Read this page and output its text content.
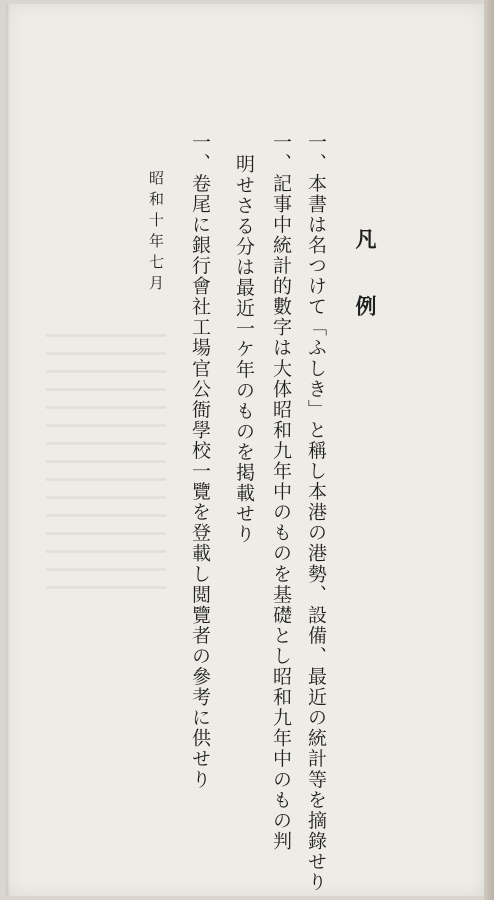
凡例
一、本書は名つけて「ふしき」と稱し本港の港勢、設備、最近の統計等を摘錄せり
一、記事中統計的數字は大体昭和九年中のものを基礎とし昭和九年中のもの判
明せさる分は最近一ケ年のものを掲載せり
一、卷尾に銀行會社工場官公衙學校一覽を登載し閲覽者の參考に供せり
昭和十年七月
